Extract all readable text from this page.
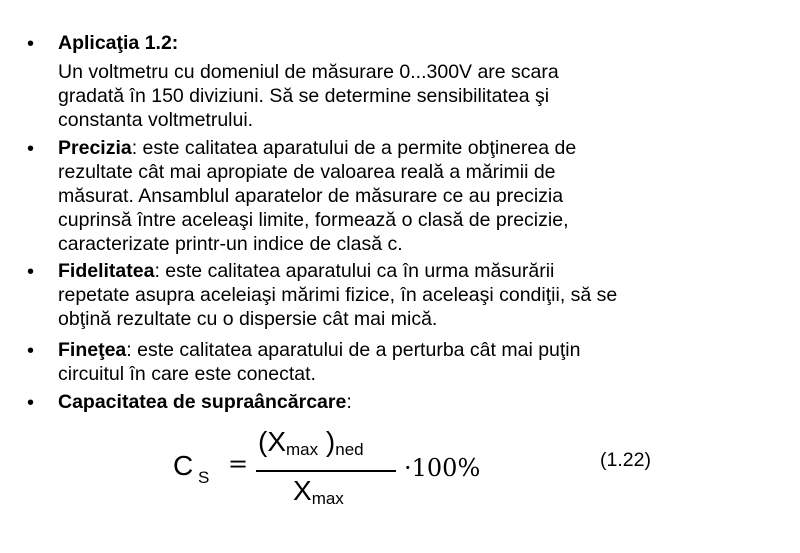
•	Aplicaţia 1.2:
Un voltmetru cu domeniul de măsurare 0...300V are scara
gradată în 150 diviziuni. Să se determine sensibilitatea şi
constanta voltmetrului.
•	Precizia: este calitatea aparatului de a permite obţinerea de
rezultate cât mai apropiate de valoarea reală a mărimii de
măsurat. Ansamblul aparatelor de măsurare ce au precizia
cuprinsă între aceleaşi limite, formează o clasă de precizie,
caracterizate printr-un indice de clasă c.
•	Fidelitatea: este calitatea aparatului ca în urma măsurării
repetate asupra aceleiaşi mărimi fizice, în aceleaşi condiţii, să se
obţină rezultate cu o dispersie cât mai mică.
•	Fineţea: este calitatea aparatului de a perturba cât mai puţin
circuitul în care este conectat.
•	Capacitatea de supraâncărcare:
C S =
($X_{max}$ )$_{ned}$
$X_{max}$
·100%	(1.22)
